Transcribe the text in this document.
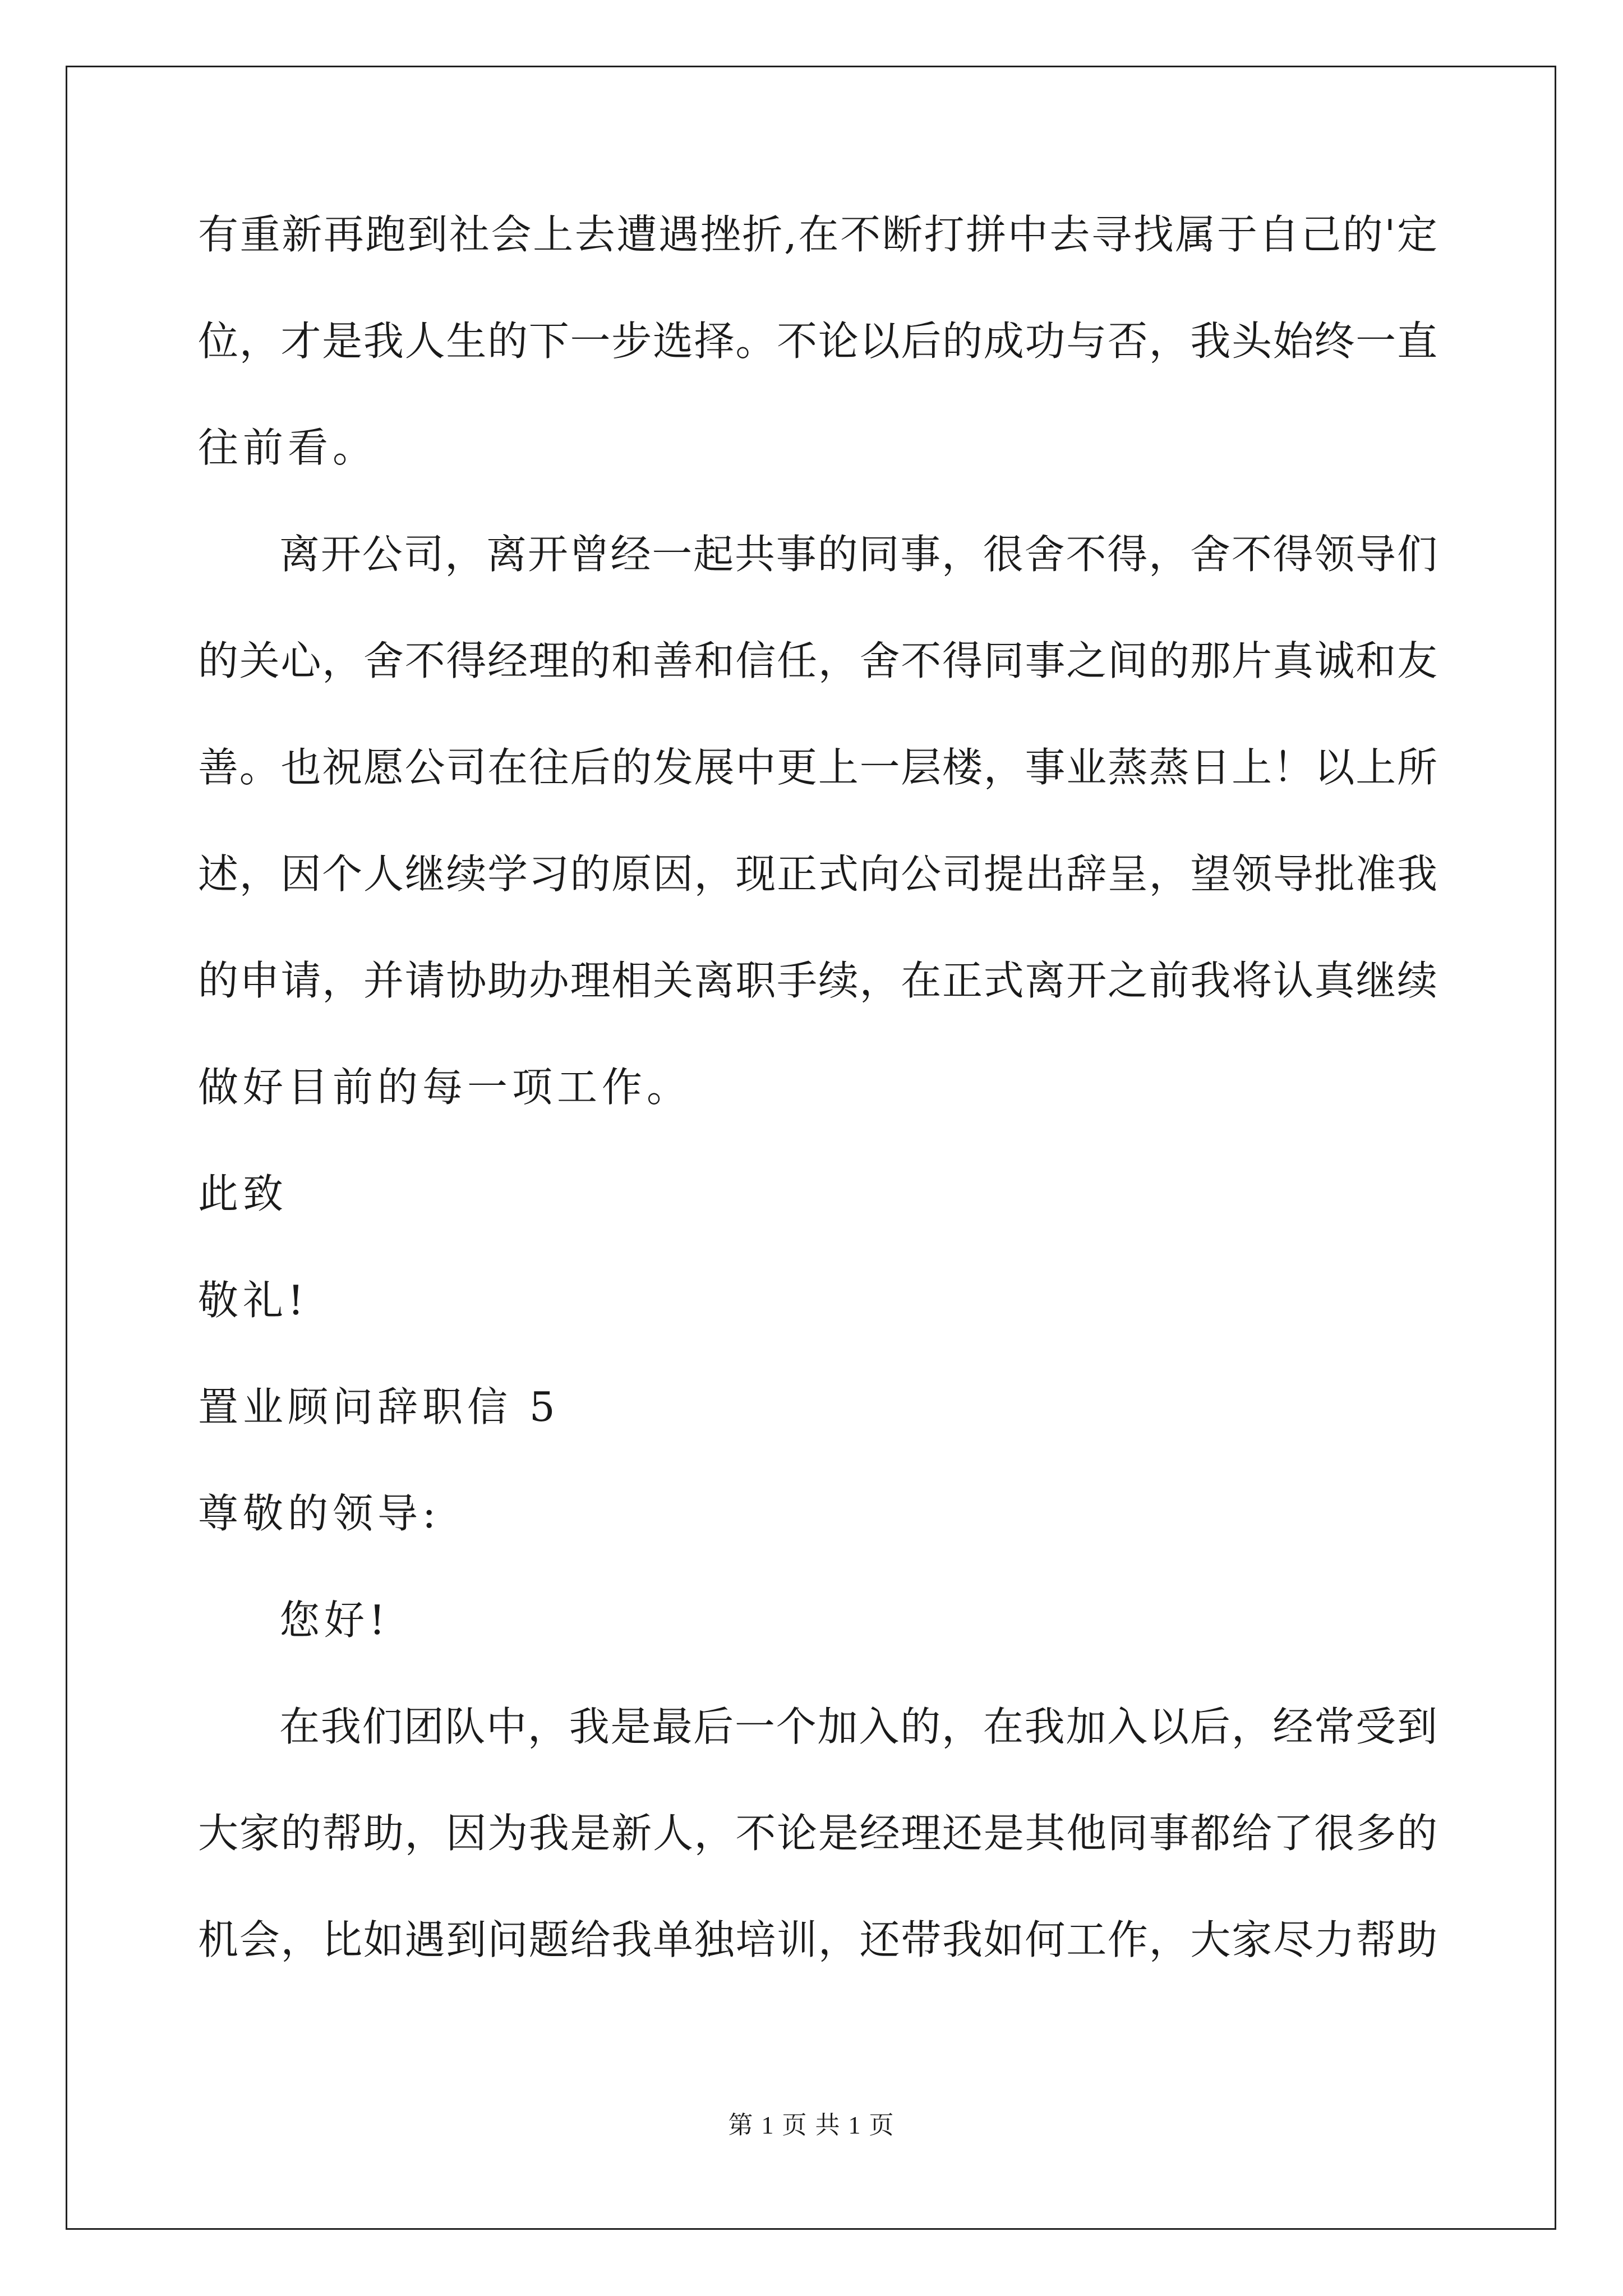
有重新再跑到社会上去遭遇挫折,在不断打拼中去寻找属于自己的'定
位，才是我人生的下一步选择。不论以后的成功与否，我头始终一直
往前看。
离开公司，离开曾经一起共事的同事，很舍不得，舍不得领导们
的关心，舍不得经理的和善和信任，舍不得同事之间的那片真诚和友
善。也祝愿公司在往后的发展中更上一层楼，事业蒸蒸日上！以上所
述，因个人继续学习的原因，现正式向公司提出辞呈，望领导批准我
的申请，并请协助办理相关离职手续，在正式离开之前我将认真继续
做好目前的每一项工作。
此致
敬礼!
置业顾问辞职信 5
尊敬的领导:
您好!
在我们团队中，我是最后一个加入的，在我加入以后，经常受到
大家的帮助，因为我是新人，不论是经理还是其他同事都给了很多的
机会，比如遇到问题给我单独培训，还带我如何工作，大家尽力帮助
第 1 页 共 1 页
